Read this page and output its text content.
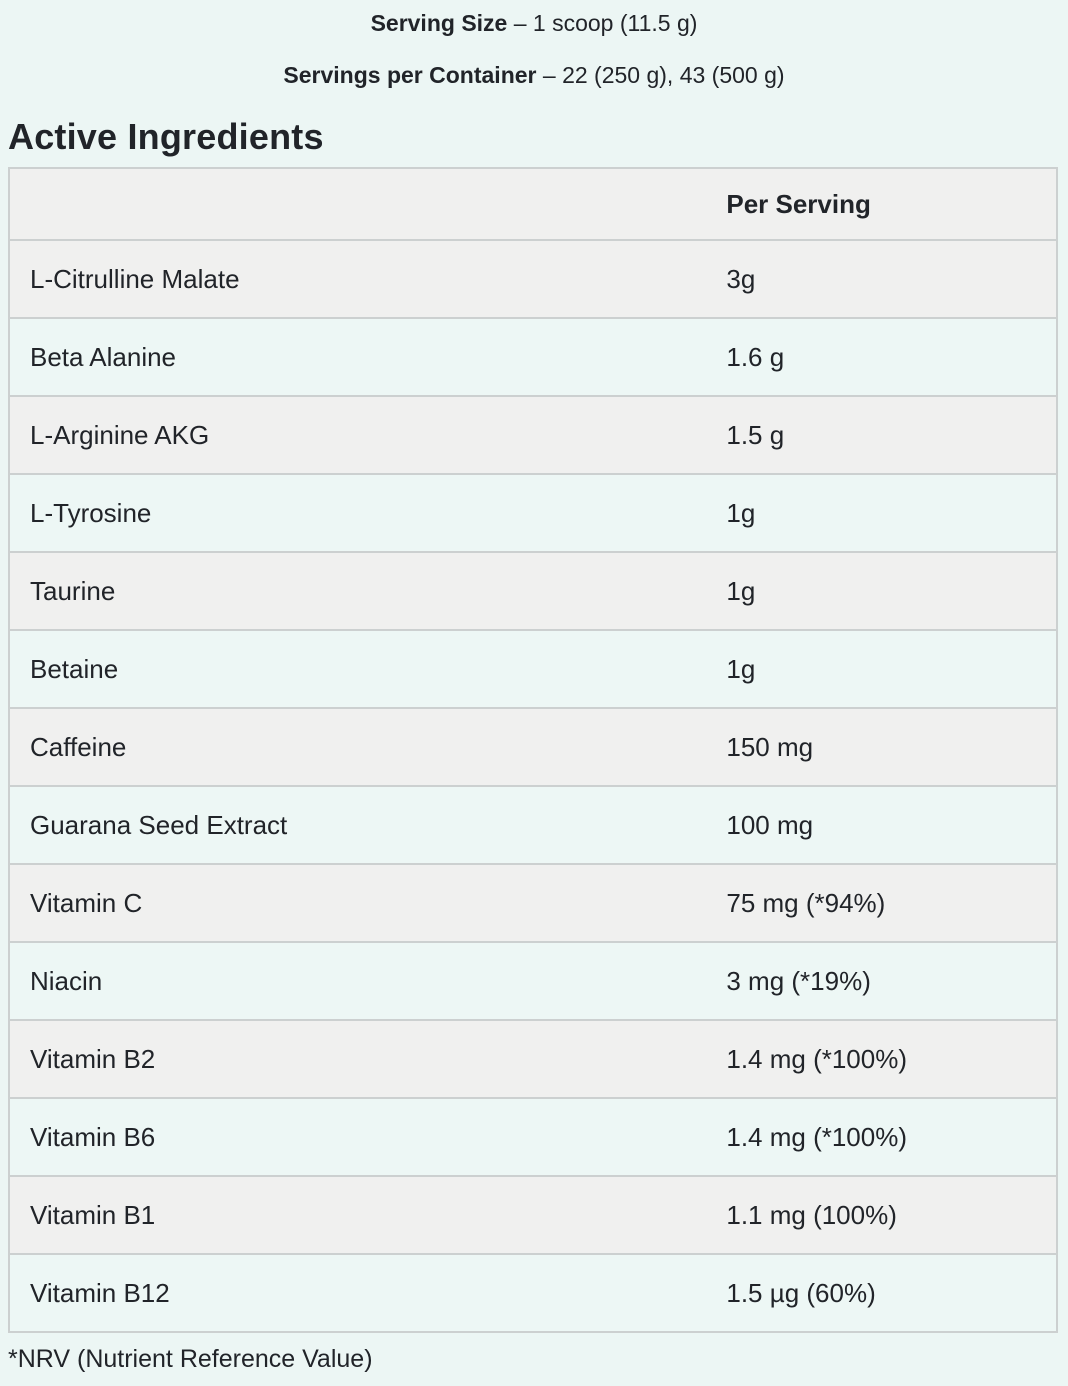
Serving Size – 1 scoop (11.5 g)

Servings per Container – 22 (250 g), 43 (500 g)

Active Ingredients
	Per Serving
L-Citrulline Malate	3g
Beta Alanine	1.6 g
L-Arginine AKG	1.5 g
L-Tyrosine	1g
Taurine	1g
Betaine	1g
Caffeine	150 mg
Guarana Seed Extract	100 mg
Vitamin C	75 mg (*94%)
Niacin	3 mg (*19%)
Vitamin B2	1.4 mg (*100%)
Vitamin B6	1.4 mg (*100%)
Vitamin B1	1.1 mg (100%)
Vitamin B12	1.5 µg (60%)

*NRV (Nutrient Reference Value)
